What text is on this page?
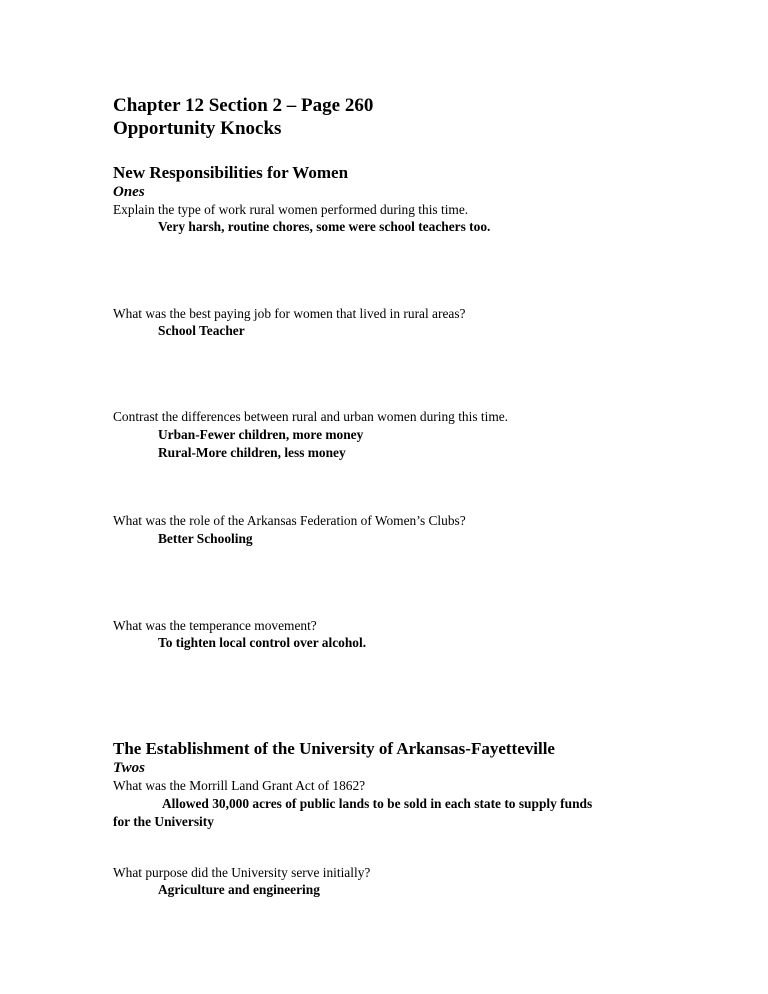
Chapter 12 Section 2 – Page 260
Opportunity Knocks
New Responsibilities for Women
Ones
Explain the type of work rural women performed during this time.
Very harsh, routine chores, some were school teachers too.
What was the best paying job for women that lived in rural areas?
School Teacher
Contrast the differences between rural and urban women during this time.
Urban-Fewer children, more money
Rural-More children, less money
What was the role of the Arkansas Federation of Women’s Clubs?
Better Schooling
What was the temperance movement?
To tighten local control over alcohol.
The Establishment of the University of Arkansas-Fayetteville
Twos
What was the Morrill Land Grant Act of 1862?
Allowed 30,000 acres of public lands to be sold in each state to supply funds
for the University
What purpose did the University serve initially?
Agriculture and engineering
